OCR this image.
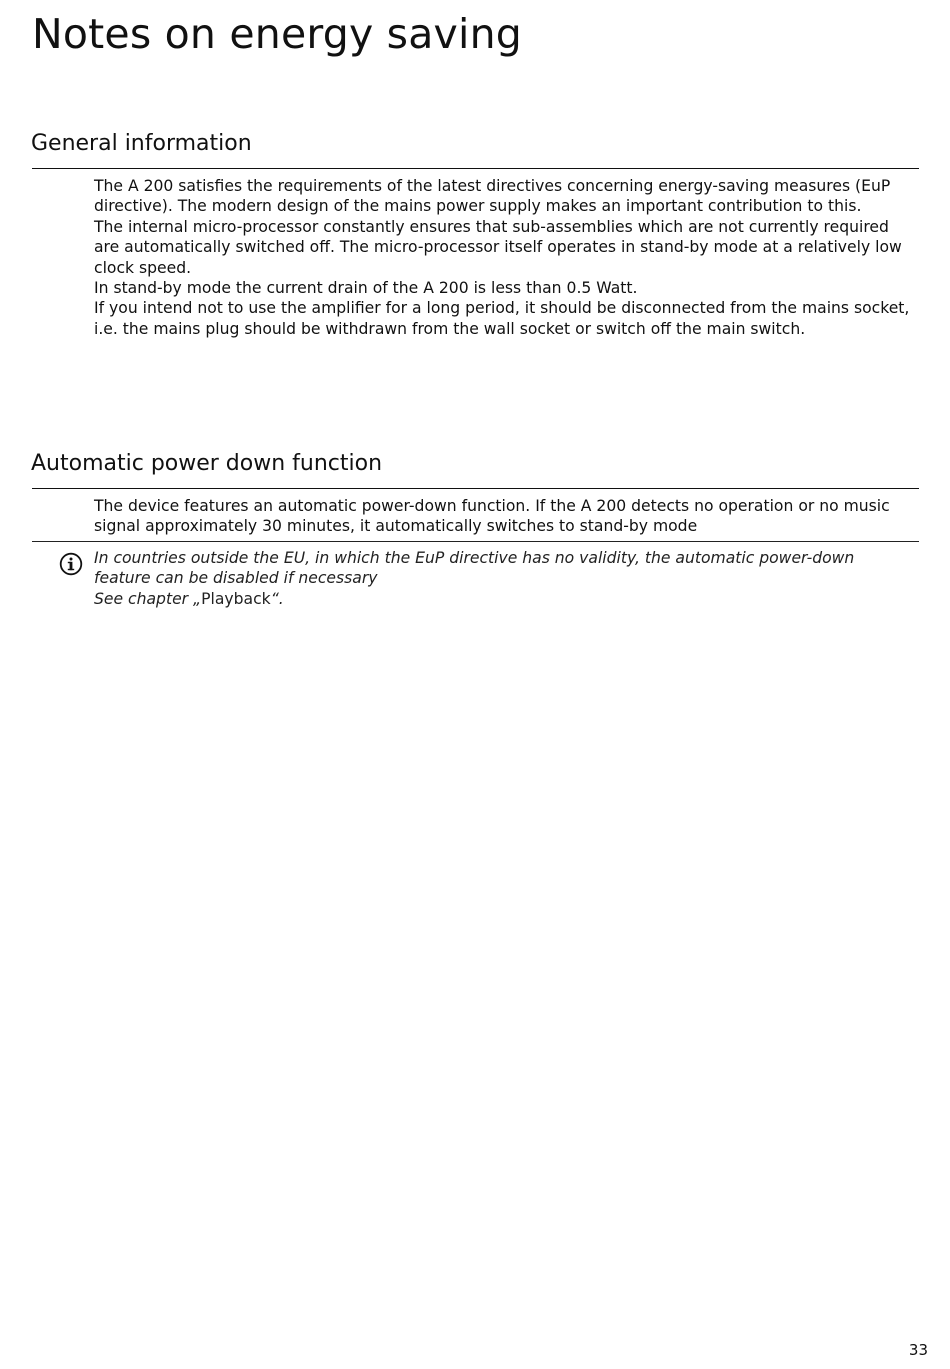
Notes on energy saving
General information

The A 200 satisfies the requirements of the latest directives concerning energy-saving measures (EuP directive). The modern design of the mains power supply makes an important contribution to this.

The internal micro-processor constantly ensures that sub-assemblies which are not currently required are automatically switched off. The micro-processor itself operates in stand-by mode at a relatively low clock speed.

In stand-by mode the current drain of the A 200 is less than 0.5 Watt.

If you intend not to use the amplifier for a long period, it should be disconnected from the mains socket, i.e. the mains plug should be withdrawn from the wall socket or switch off the main switch.

Automatic power down function

The device features an automatic power-down function. If the A 200 detects no operation or no music signal approximately 30 minutes, it automatically switches to stand-by mode

In countries outside the EU, in which the EuP directive has no validity, the automatic power-down feature can be disabled if necessary

See chapter „Playback“.

33
